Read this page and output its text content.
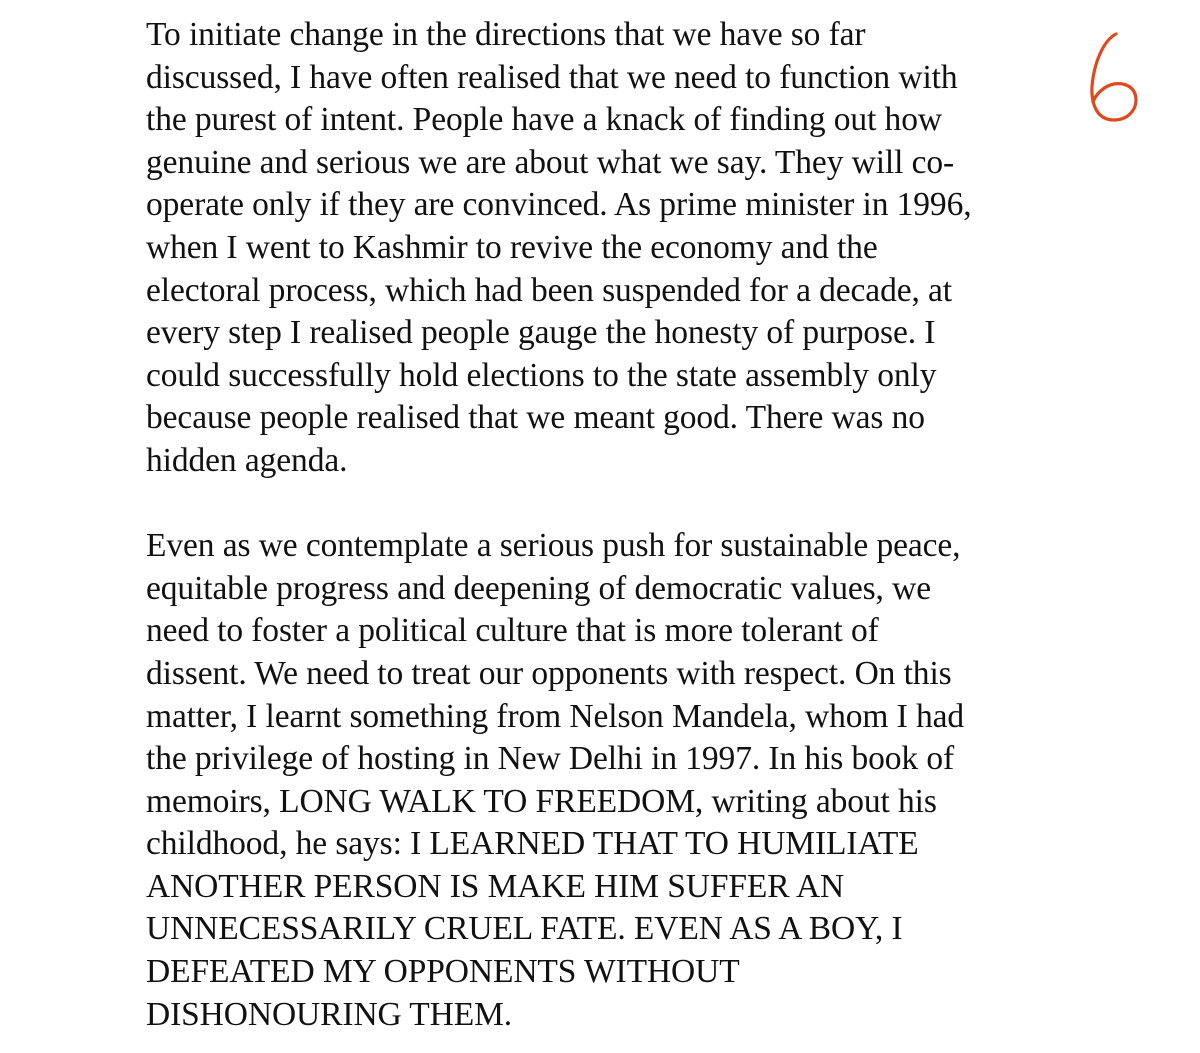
To initiate change in the directions that we have so far
discussed, I have often realised that we need to function with
the purest of intent. People have a knack of finding out how
genuine and serious we are about what we say. They will co-
operate only if they are convinced. As prime minister in 1996,
when I went to Kashmir to revive the economy and the
electoral process, which had been suspended for a decade, at
every step I realised people gauge the honesty of purpose. I
could successfully hold elections to the state assembly only
because people realised that we meant good. There was no
hidden agenda.
Even as we contemplate a serious push for sustainable peace,
equitable progress and deepening of democratic values, we
need to foster a political culture that is more tolerant of
dissent. We need to treat our opponents with respect. On this
matter, I learnt something from Nelson Mandela, whom I had
the privilege of hosting in New Delhi in 1997. In his book of
memoirs, LONG WALK TO FREEDOM, writing about his
childhood, he says: I LEARNED THAT TO HUMILIATE
ANOTHER PERSON IS MAKE HIM SUFFER AN
UNNECESSARILY CRUEL FATE. EVEN AS A BOY, I
DEFEATED MY OPPONENTS WITHOUT
DISHONOURING THEM.
